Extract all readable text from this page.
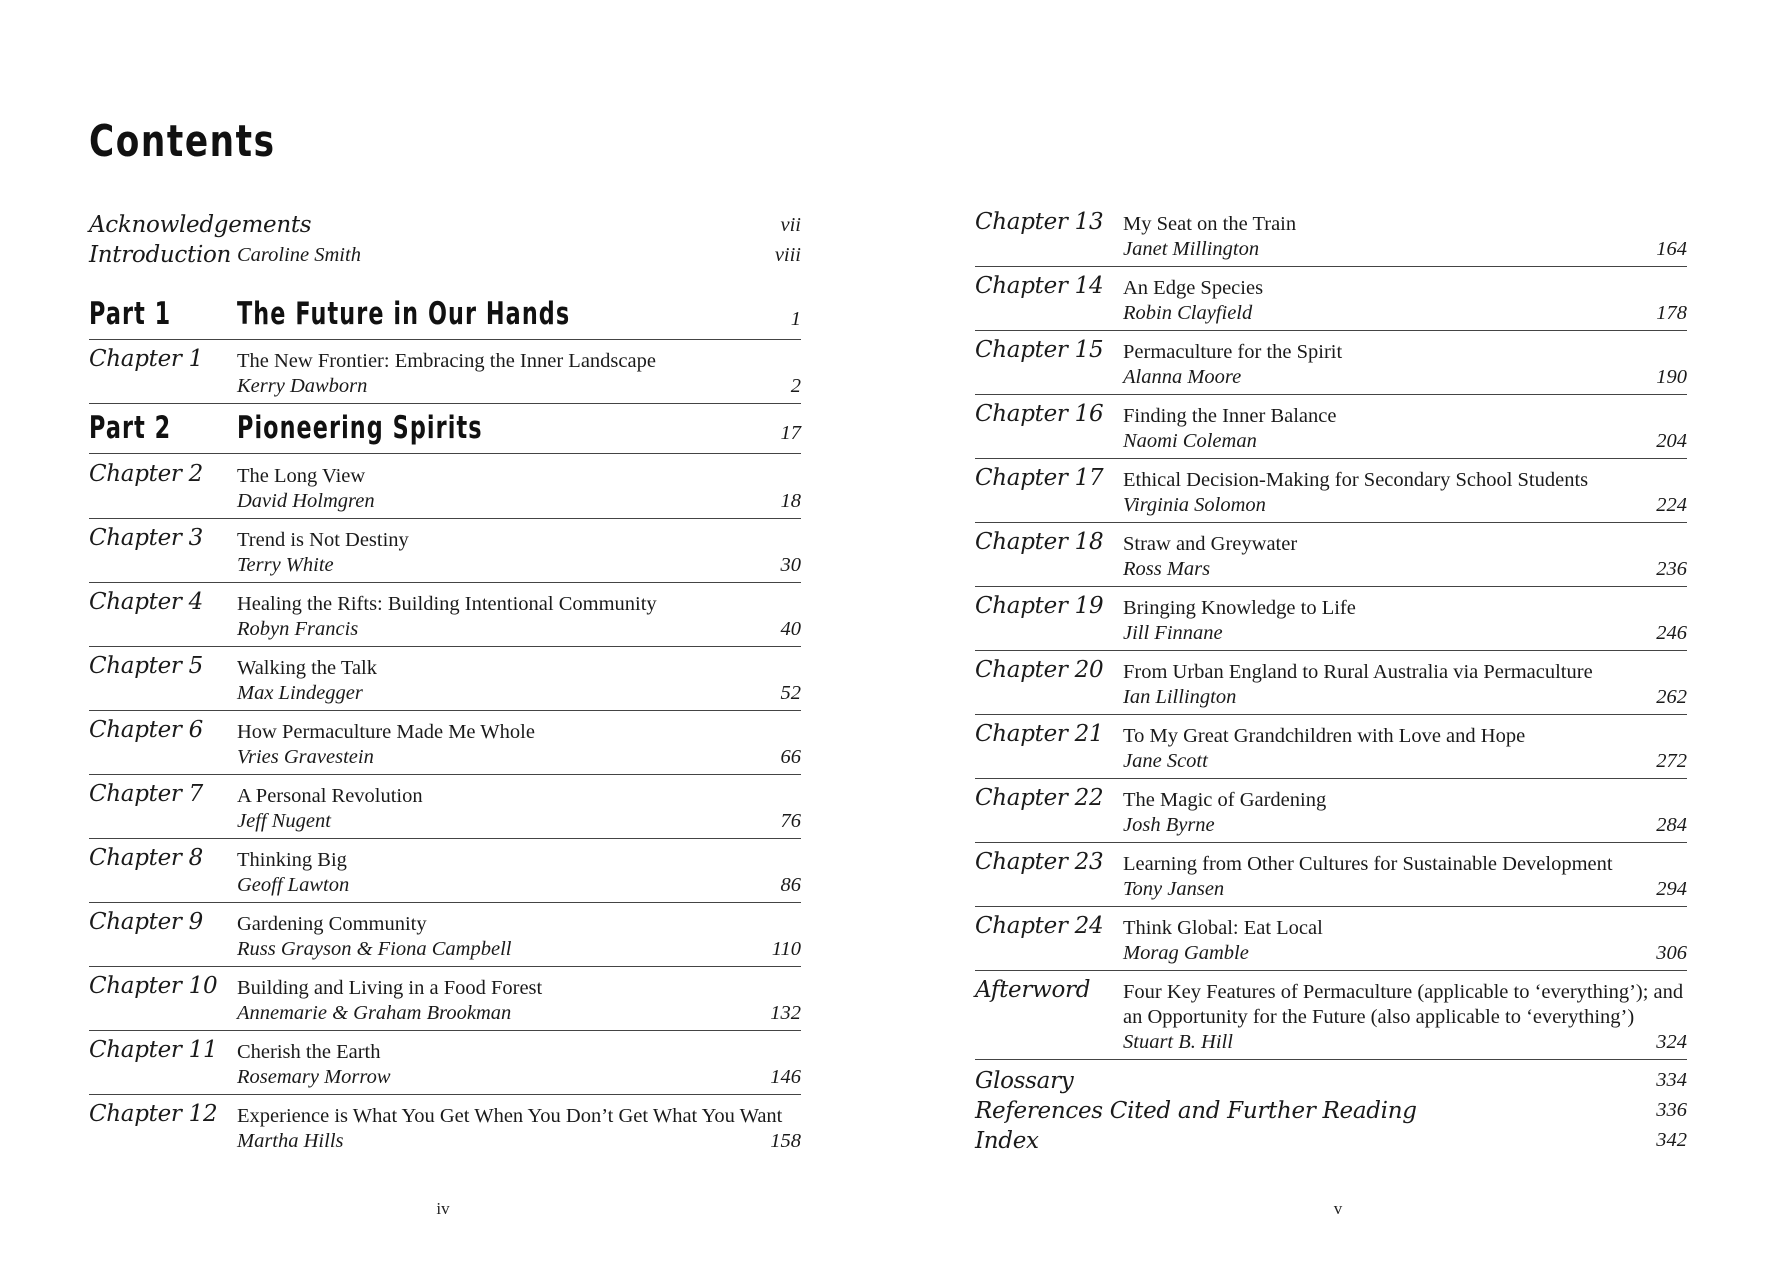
Contents
Acknowledgements	vii
Introduction Caroline Smith	viii
Part 1 The Future in Our Hands	1
Chapter 1 The New Frontier: Embracing the Inner Landscape
Kerry Dawborn	2
Part 2 Pioneering Spirits	17
Chapter 2 The Long View
David Holmgren	18
Chapter 3 Trend is Not Destiny
Terry White	30
Chapter 4 Healing the Rifts: Building Intentional Community
Robyn Francis	40
Chapter 5 Walking the Talk
Max Lindegger	52
Chapter 6 How Permaculture Made Me Whole
Vries Gravestein	66
Chapter 7 A Personal Revolution
Jeff Nugent	76
Chapter 8 Thinking Big
Geoff Lawton	86
Chapter 9 Gardening Community
Russ Grayson & Fiona Campbell	110
Chapter 10 Building and Living in a Food Forest
Annemarie & Graham Brookman	132
Chapter 11 Cherish the Earth
Rosemary Morrow	146
Chapter 12 Experience is What You Get When You Don’t Get What You Want
Martha Hills	158
iv
Chapter 13 My Seat on the Train
Janet Millington	164
Chapter 14 An Edge Species
Robin Clayfield	178
Chapter 15 Permaculture for the Spirit
Alanna Moore	190
Chapter 16 Finding the Inner Balance
Naomi Coleman	204
Chapter 17 Ethical Decision-Making for Secondary School Students
Virginia Solomon	224
Chapter 18 Straw and Greywater
Ross Mars	236
Chapter 19 Bringing Knowledge to Life
Jill Finnane	246
Chapter 20 From Urban England to Rural Australia via Permaculture
Ian Lillington	262
Chapter 21 To My Great Grandchildren with Love and Hope
Jane Scott	272
Chapter 22 The Magic of Gardening
Josh Byrne	284
Chapter 23 Learning from Other Cultures for Sustainable Development
Tony Jansen	294
Chapter 24 Think Global: Eat Local
Morag Gamble	306
Afterword Four Key Features of Permaculture (applicable to ‘everything’); and
an Opportunity for the Future (also applicable to ‘everything’)
Stuart B. Hill	324
Glossary	334
References Cited and Further Reading	336
Index	342
v
